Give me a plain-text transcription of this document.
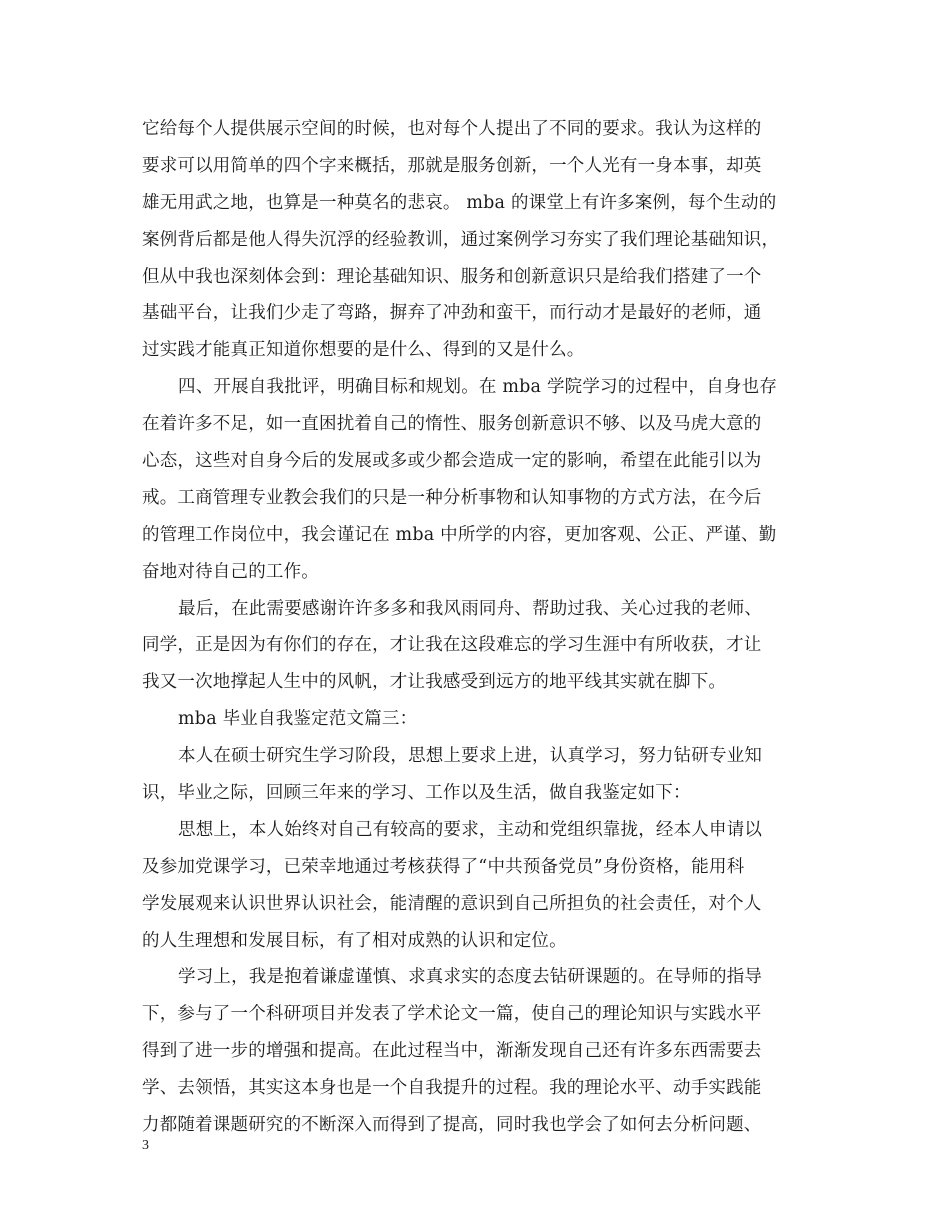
它给每个人提供展示空间的时候，也对每个人提出了不同的要求。我认为这样的
要求可以用简单的四个字来概括，那就是服务创新，一个人光有一身本事，却英
雄无用武之地，也算是一种莫名的悲哀。 mba 的课堂上有许多案例，每个生动的
案例背后都是他人得失沉浮的经验教训，通过案例学习夯实了我们理论基础知识，
但从中我也深刻体会到：理论基础知识、服务和创新意识只是给我们搭建了一个
基础平台，让我们少走了弯路，摒弃了冲劲和蛮干，而行动才是最好的老师，通
过实践才能真正知道你想要的是什么、得到的又是什么。
四、开展自我批评，明确目标和规划。在 mba 学院学习的过程中，自身也存
在着许多不足，如一直困扰着自己的惰性、服务创新意识不够、以及马虎大意的
心态，这些对自身今后的发展或多或少都会造成一定的影响，希望在此能引以为
戒。工商管理专业教会我们的只是一种分析事物和认知事物的方式方法，在今后
的管理工作岗位中，我会谨记在 mba 中所学的内容，更加客观、公正、严谨、勤
奋地对待自己的工作。
最后，在此需要感谢许许多多和我风雨同舟、帮助过我、关心过我的老师、
同学，正是因为有你们的存在，才让我在这段难忘的学习生涯中有所收获，才让
我又一次地撑起人生中的风帆，才让我感受到远方的地平线其实就在脚下。
mba 毕业自我鉴定范文篇三：
本人在硕士研究生学习阶段，思想上要求上进，认真学习，努力钻研专业知
识，毕业之际，回顾三年来的学习、工作以及生活，做自我鉴定如下：
思想上，本人始终对自己有较高的要求，主动和党组织靠拢，经本人申请以
及参加党课学习，已荣幸地通过考核获得了“中共预备党员”身份资格，能用科
学发展观来认识世界认识社会，能清醒的意识到自己所担负的社会责任，对个人
的人生理想和发展目标，有了相对成熟的认识和定位。
学习上，我是抱着谦虚谨慎、求真求实的态度去钻研课题的。在导师的指导
下，参与了一个科研项目并发表了学术论文一篇，使自己的理论知识与实践水平
得到了进一步的增强和提高。在此过程当中，渐渐发现自己还有许多东西需要去
学、去领悟，其实这本身也是一个自我提升的过程。我的理论水平、动手实践能
力都随着课题研究的不断深入而得到了提高，同时我也学会了如何去分析问题、
3
